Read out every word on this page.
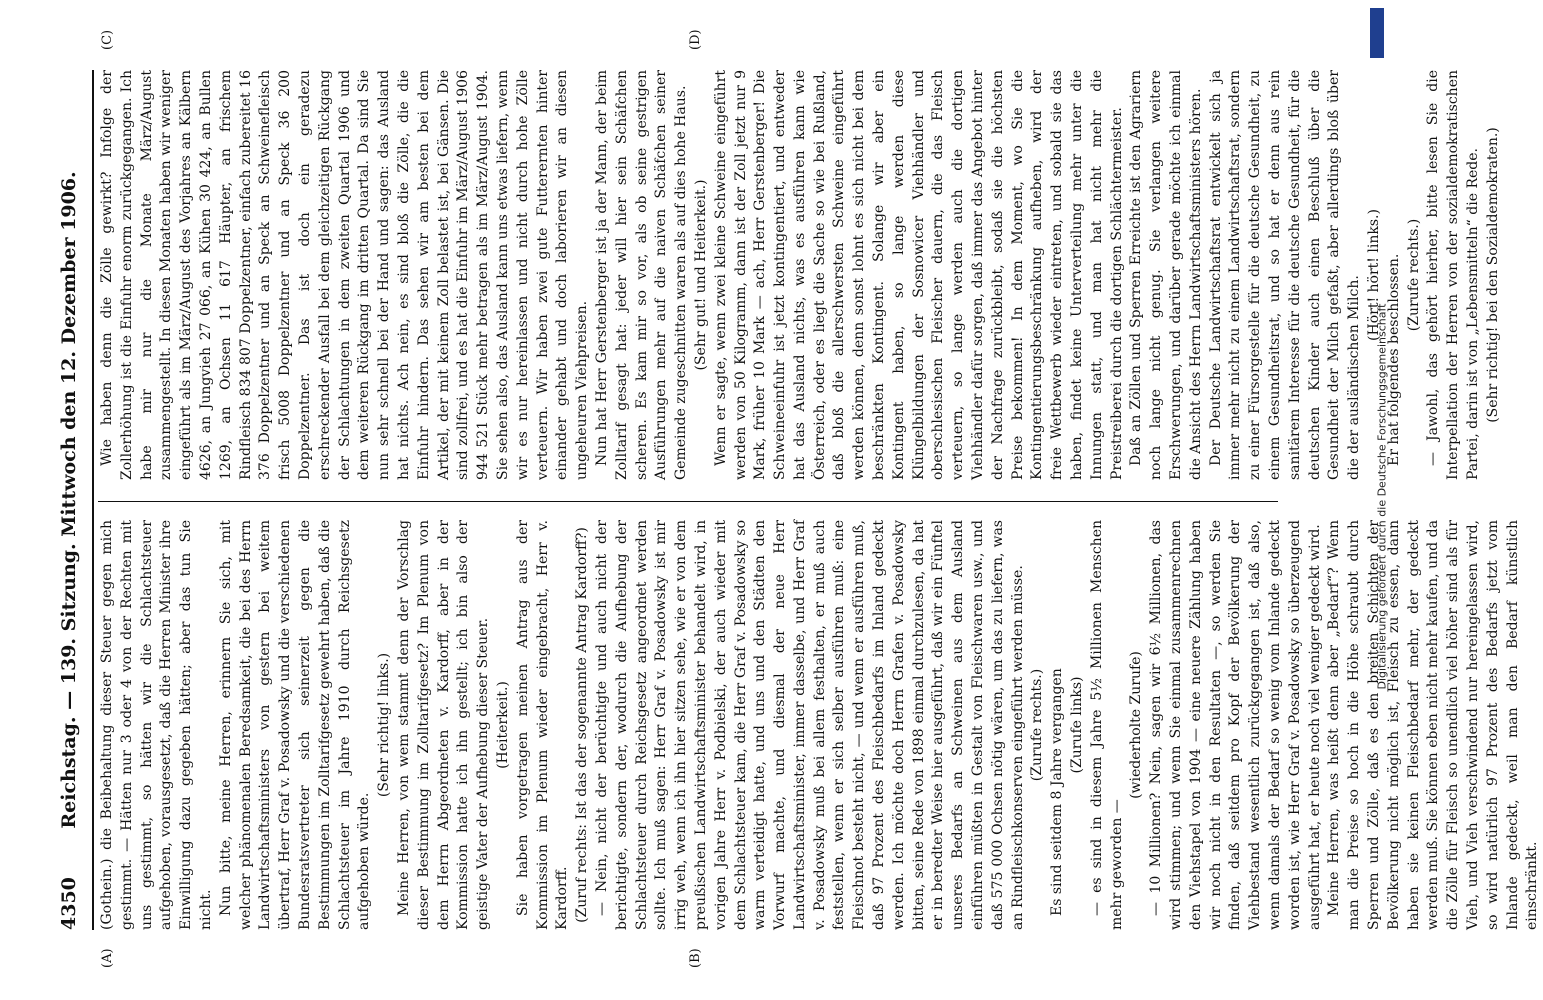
4350
Reichstag. — 139. Sitzung. Mittwoch den 12. Dezember 1906.
(A)	(B)
(C)	(D)

(Gothein.) die Beibehaltung dieser Steuer gegen mich gestimmt. — Hätten nur 3 oder 4 von der Rechten mit uns gestimmt, so hätten wir die Schlachtsteuer aufgehoben, vorausgesetzt, daß die Herren Minister ihre Einwilligung dazu gegeben hätten; aber das tun Sie nicht. Nun bitte, meine Herren, erinnern Sie sich, mit welcher phänomenalen Beredsamkeit, die bei des Herrn Landwirtschaftsministers von gestern bei weitem übertraf, Herr Graf v. Posadowsky und die verschiedenen Bundesratsvertreter sich seinerzeit gegen die Bestimmungen im Zolltarifgesetz gewehrt haben, daß die Schlachtsteuer im Jahre 1910 durch Reichsgesetz aufgehoben würde.

(Sehr richtig! links.) Meine Herren, von wem stammt denn der Vorschlag dieser Bestimmung im Zolltarifgesetz? Im Plenum von dem Herrn Abgeordneten v. Kardorff, aber in der Kommission hatte ich ihn gestellt; ich bin also der geistige Vater der Aufhebung dieser Steuer. (Heiterkeit.) Sie haben vorgetragen meinen Antrag aus der Kommission im Plenum wieder eingebracht, Herr v. Kardorff. (Zuruf rechts: Ist das der sogenannte Antrag Kardorff?) — Nein, nicht der berüchtigte und auch nicht der berichtigte, sondern der, wodurch die Aufhebung der Schlachtsteuer durch Reichsgesetz angeordnet werden sollte. Ich muß sagen: Herr Graf v. Posadowsky ist mir irrig weh, wenn ich ihn hier sitzen sehe, wie er von dem preußischen Landwirtschaftsminister behandelt wird, in vorigen Jahre Herr v. Podbielski, der auch wieder mit dem Schlachtsteuer kam, die Herr Graf v. Posadowsky so warm verteidigt hatte, und uns und den Städten den Vorwurf machte, und diesmal der neue Herr Landwirtschaftsminister, immer dasselbe, und Herr Graf v. Posadowsky muß bei allem festhalten, er muß auch feststellen, wenn er sich selber ausführen muß: eine Fleischnot besteht nicht, — und wenn er ausführen muß, daß 97 Prozent des Fleischbedarfs im Inland gedeckt werden. Ich möchte doch Herrn Grafen v. Posadowsky bitten, seine Rede von 1898 einmal durchzulesen, da hat er in beredter Weise hier ausgeführt, daß wir ein Fünftel unseres Bedarfs an Schweinen aus dem Ausland einführen müßten in Gestalt von Fleischwaren usw., und daß 575 000 Ochsen nötig wären, um das zu liefern, was an Rindfleischkonserven eingeführt werden müsse. (Zurufe rechts.) Es sind seitdem 8 Jahre vergangen (Zurufe links) — es sind in diesem Jahre 5½ Millionen Menschen mehr geworden —

(wiederholte Zurufe) — 10 Millionen? Nein, sagen wir 6½ Millionen, das wird stimmen; und wenn Sie einmal zusammenrechnen den Viehstapel von 1904 — eine neuere Zählung haben wir noch nicht in den Resultaten —, so werden Sie finden, daß seitdem pro Kopf der Bevölkerung der Viehbestand wesentlich zurückgegangen ist, daß also, wenn damals der Bedarf so wenig vom Inlande gedeckt worden ist, wie Herr Graf v. Posadowsky so überzeugend ausgeführt hat, er heute noch viel weniger gedeckt wird. Meine Herren, was heißt denn aber „Bedarf“? Wenn man die Preise so hoch in die Höhe schraubt durch Sperren und Zölle, daß es den breiten Schichten der Bevölkerung nicht möglich ist, Fleisch zu essen, dann haben sie keinen Fleischbedarf mehr, der gedeckt werden muß. Sie können eben nicht mehr kaufen, und da die Zölle für Fleisch so unendlich viel höher sind als für Vieh, und Vieh verschwindend nur hereingelassen wird, so wird natürlich 97 Prozent des Bedarfs jetzt vom Inlande gedeckt, weil man den Bedarf künstlich einschränkt.

Wie haben denn die Zölle gewirkt? Infolge der Zollerhöhung ist die Einfuhr enorm zurückgegangen. Ich habe mir nur die Monate März/August zusammengestellt. In diesen Monaten haben wir weniger eingeführt als im März/August des Vorjahres an Kälbern 4626, an Jungvieh 27 066, an Kühen 30 424, an Bullen 1269, an Ochsen 11 617 Häupter, an frischem Rindfleisch 834 807 Doppelzentner, einfach zubereitet 16 376 Doppelzentner und an Speck an Schweinefleisch frisch 5008 Doppelzentner und an Speck 36 200 Doppelzentner. Das ist doch ein geradezu erschreckender Ausfall bei dem gleichzeitigen Rückgang der Schlachtungen in dem zweiten Quartal 1906 und dem weiteren Rückgang im dritten Quartal. Da sind Sie nun sehr schnell bei der Hand und sagen: das Ausland hat nichts. Ach nein, es sind bloß die Zölle, die die Einfuhr hindern. Das sehen wir am besten bei dem Artikel, der mit keinem Zoll belastet ist, bei Gänsen. Die sind zollfrei, und es hat die Einfuhr im März/August 1906 944 521 Stück mehr betragen als im März/August 1904. Sie sehen also, das Ausland kann uns etwas liefern, wenn wir es nur hereinlassen und nicht durch hohe Zölle verteuern. Wir haben zwei gute Futterernten hinter einander gehabt und doch laborieren wir an diesen ungeheuren Viehpreisen. Nun hat Herr Gerstenberger ist ja der Mann, der beim Zolltarif gesagt hat: jeder will hier sein Schäfchen scheren. Es kam mir so vor, als ob seine gestrigen Ausführungen mehr auf die naiven Schäfchen seiner Gemeinde zugeschnitten waren als auf dies hohe Haus. (Sehr gut! und Heiterkeit.) Wenn er sagte, wenn zwei kleine Schweine eingeführt werden von 50 Kilogramm, dann ist der Zoll jetzt nur 9 Mark, früher 10 Mark — ach, Herr Gerstenberger! Die Schweineeinfuhr ist jetzt kontingentiert, und entweder hat das Ausland nichts, was es ausführen kann wie Österreich, oder es liegt die Sache so wie bei Rußland, daß bloß die allerschwersten Schweine eingeführt werden können, denn sonst lohnt es sich nicht bei dem beschränkten Kontingent. Solange wir aber ein Kontingent haben, so lange werden diese Klüngelbildungen der Sosnowicer Viehhändler und oberschlesischen Fleischer dauern, die das Fleisch verteuern, so lange werden auch die dortigen Viehhändler dafür sorgen, daß immer das Angebot hinter der Nachfrage zurückbleibt, sodaß sie die höchsten Preise bekommen! In dem Moment, wo Sie die Kontingentierungsbeschränkung aufheben, wird der freie Wettbewerb wieder eintreten, und sobald sie das haben, findet keine Unterverteilung mehr unter die Innungen statt, und man hat nicht mehr die Preistreiberei durch die dortigen Schlächtermeister. Daß an Zöllen und Sperren Erreichte ist den Agrariern noch lange nicht genug. Sie verlangen weitere Erschwerungen, und darüber gerade möchte ich einmal die Ansicht des Herrn Landwirtschaftsministers hören. Der Deutsche Landwirtschaftsrat entwickelt sich ja immer mehr nicht zu einem Landwirtschaftsrat, sondern zu einer Fürsorgestelle für die deutsche Gesundheit, zu einem Gesundheitsrat, und so hat er denn aus rein sanitärem Interesse für die deutsche Gesundheit, für die deutschen Kinder auch einen Beschluß über die Gesundheit der Milch gefaßt, aber allerdings bloß über die der ausländischen Milch.

(Hört! hört! links.) Er hat folgendes beschlossen. (Zurufe rechts.) — Jawohl, das gehört hierher, bitte lesen Sie die Interpellation der Herren von der sozialdemokratischen Partei, darin ist von „Lebensmitteln“ die Rede. (Sehr richtig! bei den Sozialdemokraten.)

Digitalisierung gefördert durch die Deutsche Forschungsgemeinschaft
